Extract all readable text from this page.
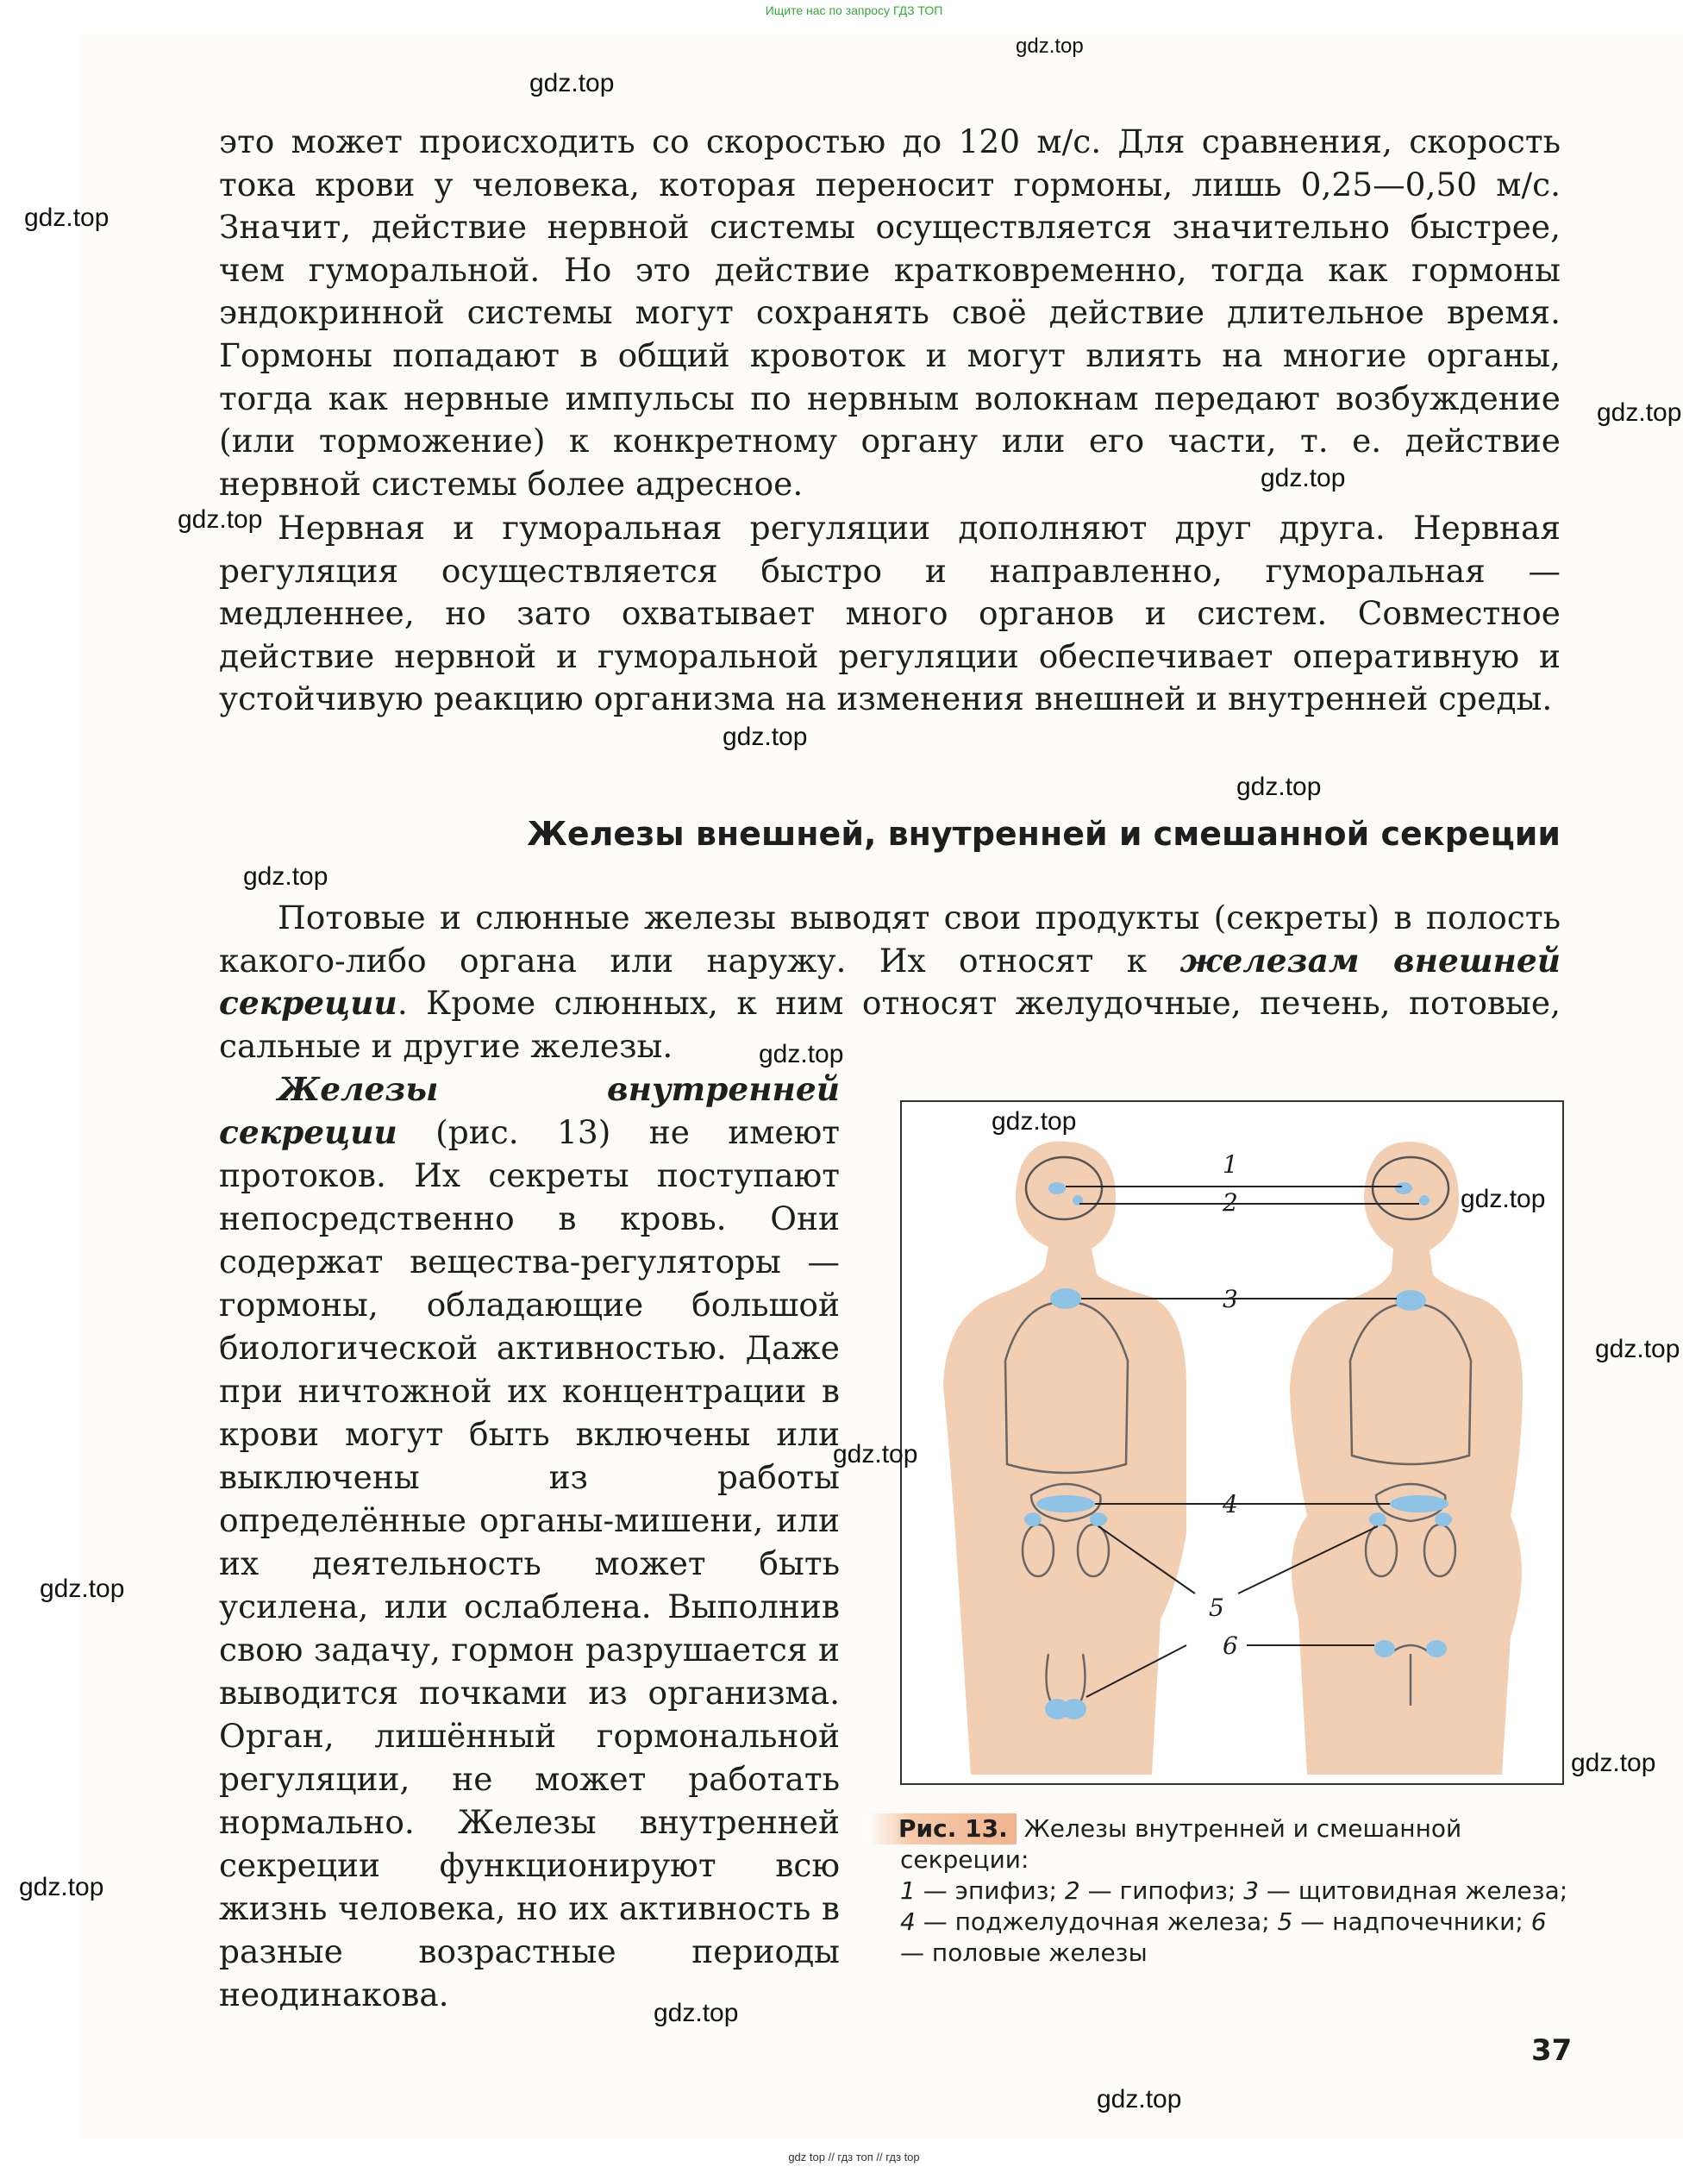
Ищите нас по запросу ГДЗ ТОП

это может происходить со скоростью до 120 м/с. Для сравнения, скорость тока крови у человека, которая переносит гормоны, лишь 0,25—0,50 м/с. Значит, действие нервной системы осуществляется значительно быстрее, чем гуморальной. Но это действие кратковременно, тогда как гормоны эндокринной системы могут сохранять своё действие длительное время. Гормоны попадают в общий кровоток и могут влиять на многие органы, тогда как нервные импульсы по нервным волокнам передают возбуждение (или торможение) к конкретному органу или его части, т. е. действие нервной системы более адресное.

Нервная и гуморальная регуляции дополняют друг друга. Нервная регуляция осуществляется быстро и направленно, гуморальная — медленнее, но зато охватывает много органов и систем. Совместное действие нервной и гуморальной регуляции обеспечивает оперативную и устойчивую реакцию организма на изменения внешней и внутренней среды.

Железы внешней, внутренней и смешанной секреции

Потовые и слюнные железы выводят свои продукты (секреты) в полость какого-либо органа или наружу. Их относят к железам внешней секреции. Кроме слюнных, к ним относят желудочные, печень, потовые, сальные и другие железы.

Железы внутренней секреции (рис. 13) не имеют протоков. Их секреты поступают непосредственно в кровь. Они содержат вещества-регуляторы — гормоны, обладающие большой биологической активностью. Даже при ничтожной их концентрации в крови могут быть включены или выключены из работы определённые органы-мишени, или их деятельность может быть усилена, или ослаблена. Выполнив свою задачу, гормон разрушается и выводится почками из организма. Орган, лишённый гормональной регуляции, не может работать нормально. Железы внутренней секреции функционируют всю жизнь человека, но их активность в разные возрастные периоды неодинакова.

1
2
3
4
5
6
Рис. 13. Железы внутренней и смешанной секреции:
1 — эпифиз; 2 — гипофиз; 3 — щитовидная железа; 4 — поджелудочная железа; 5 — надпочечники; 6 — половые железы
37
gdz.top
gdz.top
gdz.top
gdz.top
gdz.top
gdz.top
gdz.top
gdz.top
gdz.top
gdz.top
gdz.top
gdz.top
gdz.top
gdz.top
gdz.top
gdz.top
gdz.top
gdz.top
gdz.top
gdz top // гдз топ // гдз top
